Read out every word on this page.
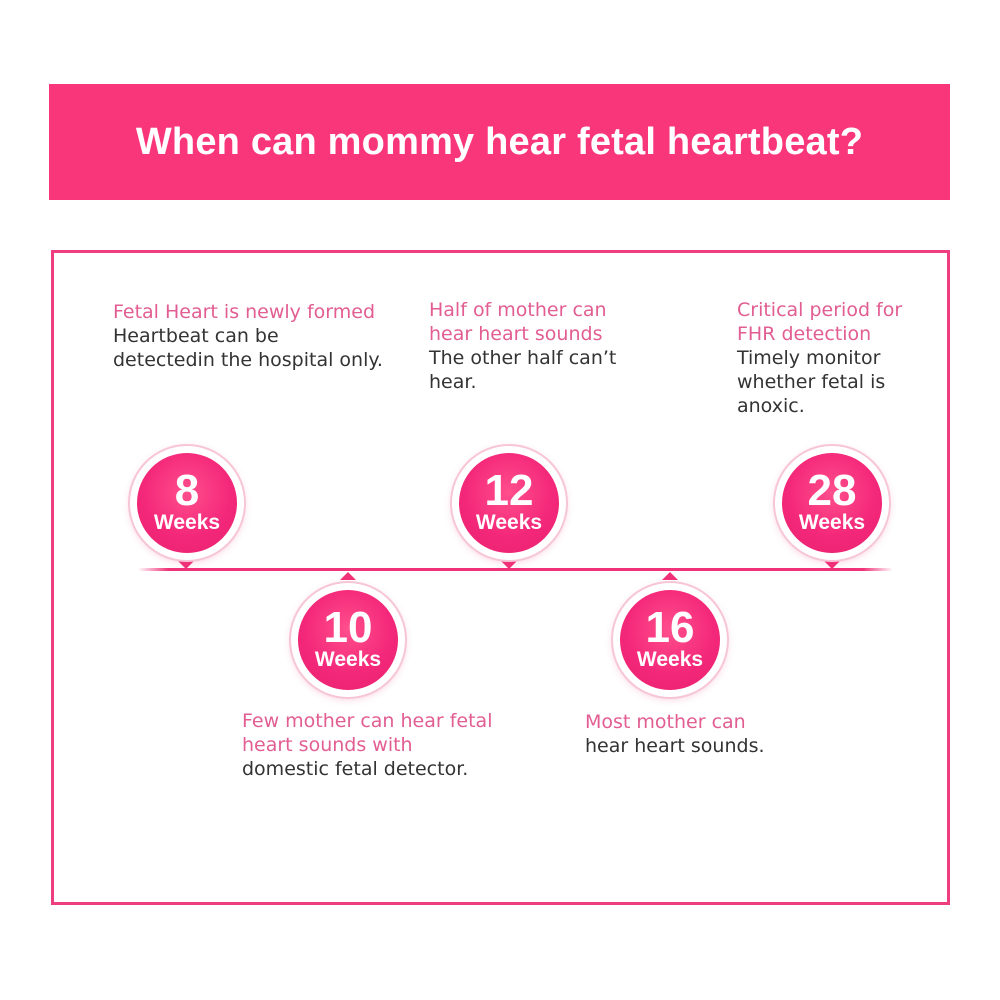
When can mommy hear fetal heartbeat?
8
Weeks
12
Weeks
28
Weeks
10
Weeks
16
Weeks
Fetal Heart is newly formed
Heartbeat can be detectedin the hospital only.
Half of mother can hear heart sounds
The other half can’t hear.
Critical period for FHR detection
Timely monitor whether fetal is anoxic.
Few mother can hear fetal heart sounds with
domestic fetal detector.
Most mother can
hear heart sounds.
